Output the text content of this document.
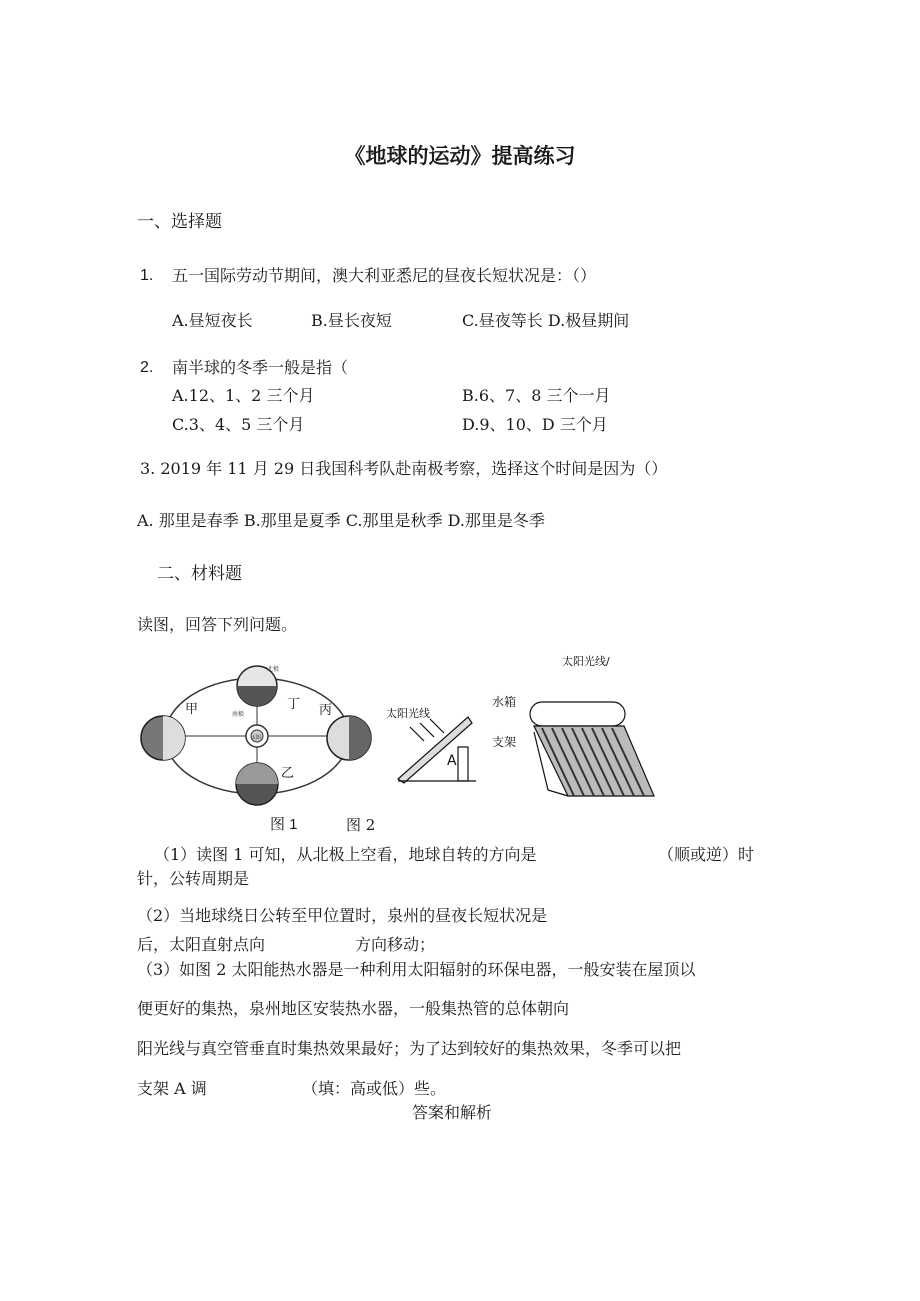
《地球的运动》提高练习
一、选择题
1. 五一国际劳动节期间，澳大利亚悉尼的昼夜长短状况是：（）
A.昼短夜长	B.昼长夜短	C.昼夜等长 D.极昼期间
2. 南半球的冬季一般是指（
A.12、1、2 三个月	B.6、7、8 三个一月
C.3、4、5 三个月	D.9、10、D 三个月
3. 2019 年 11 月 29 日我国科考队赴南极考察，选择这个时间是因为（）
A. 那里是春季 B.那里是夏季 C.那里是秋季 D.那里是冬季
二、材料题
读图，回答下列问题。
甲
乙
丙
丁
太阳
北极
南极	太阳光线
A
太阳光线/
水箱
支架
图 1	图 2
（1）读图 1 可知，从北极上空看，地球自转的方向是	（顺或逆）时
针，公转周期是
（2）当地球绕日公转至甲位置时，泉州的昼夜长短状况是
后，太阳直射点向	方向移动；
（3）如图 2 太阳能热水器是一种利用太阳辐射的环保电器，一般安装在屋顶以
便更好的集热，泉州地区安装热水器，一般集热管的总体朝向
阳光线与真空管垂直时集热效果最好；为了达到较好的集热效果，冬季可以把
支架 A 调	（填：高或低）些。
答案和解析
